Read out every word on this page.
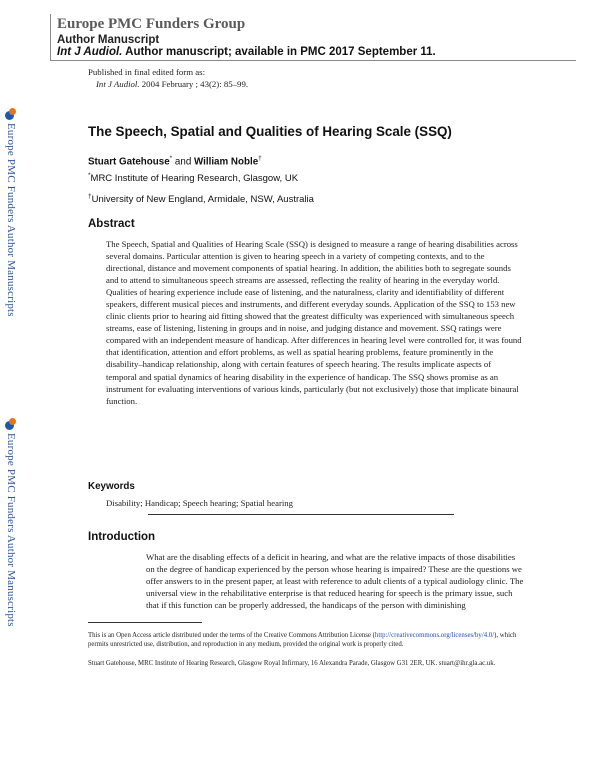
Europe PMC Funders Group
Author Manuscript
Int J Audiol. Author manuscript; available in PMC 2017 September 11.
Published in final edited form as:
Int J Audiol. 2004 February ; 43(2): 85–99.
Europe PMC Funders Author Manuscripts
Europe PMC Funders Author Manuscripts
The Speech, Spatial and Qualities of Hearing Scale (SSQ)
Stuart Gatehouse* and William Noble†
*MRC Institute of Hearing Research, Glasgow, UK
†University of New England, Armidale, NSW, Australia
Abstract

The Speech, Spatial and Qualities of Hearing Scale (SSQ) is designed to measure a range of hearing disabilities across several domains. Particular attention is given to hearing speech in a variety of competing contexts, and to the directional, distance and movement components of spatial hearing. In addition, the abilities both to segregate sounds and to attend to simultaneous speech streams are assessed, reflecting the reality of hearing in the everyday world. Qualities of hearing experience include ease of listening, and the naturalness, clarity and identifiability of different speakers, different musical pieces and instruments, and different everyday sounds. Application of the SSQ to 153 new clinic clients prior to hearing aid fitting showed that the greatest difficulty was experienced with simultaneous speech streams, ease of listening, listening in groups and in noise, and judging distance and movement. SSQ ratings were compared with an independent measure of handicap. After differences in hearing level were controlled for, it was found that identification, attention and effort problems, as well as spatial hearing problems, feature prominently in the disability–handicap relationship, along with certain features of speech hearing. The results implicate aspects of temporal and spatial dynamics of hearing disability in the experience of handicap. The SSQ shows promise as an instrument for evaluating interventions of various kinds, particularly (but not exclusively) those that implicate binaural function.

Keywords
Disability; Handicap; Speech hearing; Spatial hearing
Introduction

What are the disabling effects of a deficit in hearing, and what are the relative impacts of those disabilities on the degree of handicap experienced by the person whose hearing is impaired? These are the questions we offer answers to in the present paper, at least with reference to adult clients of a typical audiology clinic. The universal view in the rehabilitative enterprise is that reduced hearing for speech is the primary issue, such that if this function can be properly addressed, the handicaps of the person with diminishing

This is an Open Access article distributed under the terms of the Creative Commons Attribution License (http://creativecommons.org/licenses/by/4.0/), which permits unrestricted use, distribution, and reproduction in any medium, provided the original work is properly cited.

Stuart Gatehouse, MRC Institute of Hearing Research, Glasgow Royal Infirmary, 16 Alexandra Parade, Glasgow G31 2ER, UK. stuart@ihr.gla.ac.uk.
